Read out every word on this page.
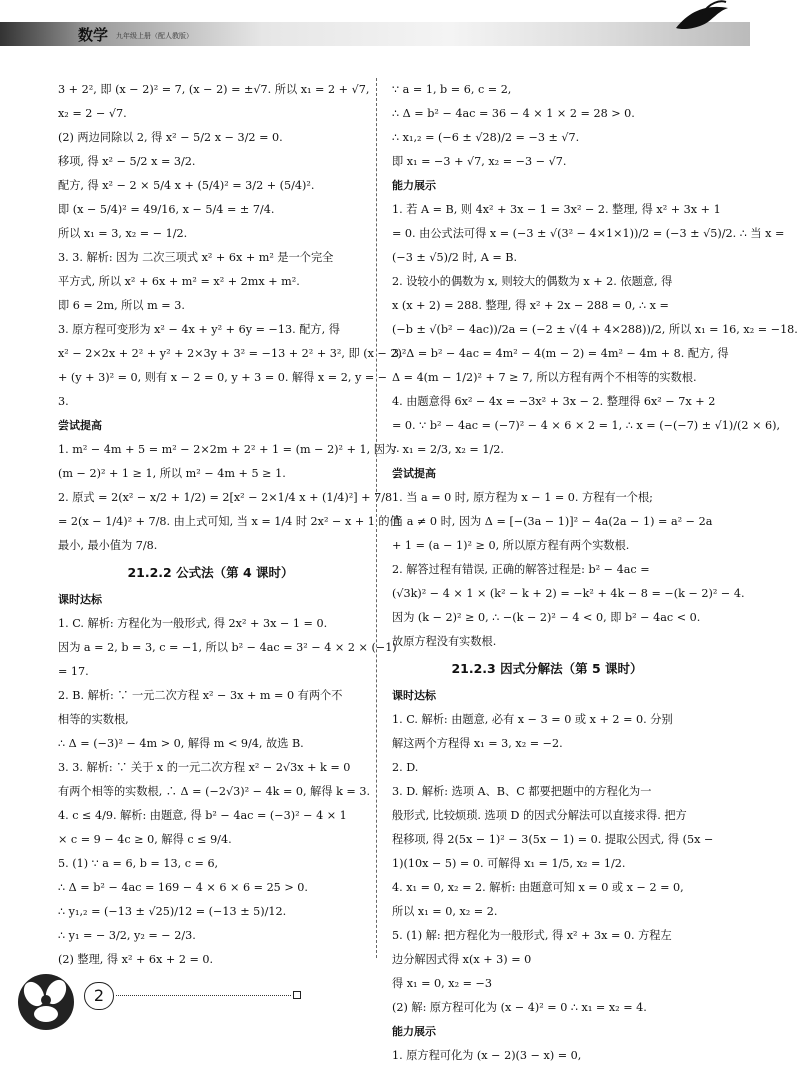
数学 九年级上册（配人教版）
3 + 2², 即 (x − 2)² = 7, (x − 2) = ±√7. 所以 x₁ = 2 + √7,
x₂ = 2 − √7.
(2) 两边同除以 2, 得 x² − 5/2 x − 3/2 = 0.
移项, 得 x² − 5/2 x = 3/2.
配方, 得 x² − 2 × 5/4 x + (5/4)² = 3/2 + (5/4)².
即 (x − 5/4)² = 49/16, x − 5/4 = ± 7/4.
所以 x₁ = 3, x₂ = − 1/2.
3. 3. 解析: 因为 二次三项式 x² + 6x + m² 是一个完全
平方式, 所以 x² + 6x + m² = x² + 2mx + m².
即 6 = 2m, 所以 m = 3.
3. 原方程可变形为 x² − 4x + y² + 6y = −13. 配方, 得
x² − 2×2x + 2² + y² + 2×3y + 3² = −13 + 2² + 3², 即 (x − 2)²
+ (y + 3)² = 0, 则有 x − 2 = 0, y + 3 = 0. 解得 x = 2, y = −
3.
尝试提高
1. m² − 4m + 5 = m² − 2×2m + 2² + 1 = (m − 2)² + 1, 因为
(m − 2)² + 1 ≥ 1, 所以 m² − 4m + 5 ≥ 1.
2. 原式 = 2(x² − x/2 + 1/2) = 2[x² − 2×1/4 x + (1/4)²] + 7/8
= 2(x − 1/4)² + 7/8. 由上式可知, 当 x = 1/4 时 2x² − x + 1 的值
最小, 最小值为 7/8.
21.2.2 公式法（第 4 课时）
课时达标
1. C. 解析: 方程化为一般形式, 得 2x² + 3x − 1 = 0.
因为 a = 2, b = 3, c = −1, 所以 b² − 4ac = 3² − 4 × 2 × (−1)
= 17.
2. B. 解析: ∵ 一元二次方程 x² − 3x + m = 0 有两个不
相等的实数根,
∴ Δ = (−3)² − 4m > 0, 解得 m < 9/4, 故选 B.
3. 3. 解析: ∵ 关于 x 的一元二次方程 x² − 2√3x + k = 0
有两个相等的实数根, ∴ Δ = (−2√3)² − 4k = 0, 解得 k = 3.
4. c ≤ 4/9. 解析: 由题意, 得 b² − 4ac = (−3)² − 4 × 1
× c = 9 − 4c ≥ 0, 解得 c ≤ 9/4.
5. (1) ∵ a = 6, b = 13, c = 6,
∴ Δ = b² − 4ac = 169 − 4 × 6 × 6 = 25 > 0.
∴ y₁,₂ = (−13 ± √25)/12 = (−13 ± 5)/12.
∴ y₁ = − 3/2, y₂ = − 2/3.
(2) 整理, 得 x² + 6x + 2 = 0.
∵ a = 1, b = 6, c = 2,
∴ Δ = b² − 4ac = 36 − 4 × 1 × 2 = 28 > 0.
∴ x₁,₂ = (−6 ± √28)/2 = −3 ± √7.
即 x₁ = −3 + √7, x₂ = −3 − √7.
能力展示
1. 若 A = B, 则 4x² + 3x − 1 = 3x² − 2. 整理, 得 x² + 3x + 1
= 0. 由公式法可得 x = (−3 ± √(3² − 4×1×1))/2 = (−3 ± √5)/2. ∴ 当 x =
(−3 ± √5)/2 时, A = B.
2. 设较小的偶数为 x, 则较大的偶数为 x + 2. 依题意, 得
x (x + 2) = 288. 整理, 得 x² + 2x − 288 = 0, ∴ x =
(−b ± √(b² − 4ac))/2a = (−2 ± √(4 + 4×288))/2, 所以 x₁ = 16, x₂ = −18.
3. Δ = b² − 4ac = 4m² − 4(m − 2) = 4m² − 4m + 8. 配方, 得
Δ = 4(m − 1/2)² + 7 ≥ 7, 所以方程有两个不相等的实数根.
4. 由题意得 6x² − 4x = −3x² + 3x − 2. 整理得 6x² − 7x + 2
= 0. ∵ b² − 4ac = (−7)² − 4 × 6 × 2 = 1, ∴ x = (−(−7) ± √1)/(2 × 6),
∴ x₁ = 2/3, x₂ = 1/2.
尝试提高
1. 当 a = 0 时, 原方程为 x − 1 = 0. 方程有一个根;
当 a ≠ 0 时, 因为 Δ = [−(3a − 1)]² − 4a(2a − 1) = a² − 2a
+ 1 = (a − 1)² ≥ 0, 所以原方程有两个实数根.
2. 解答过程有错误, 正确的解答过程是: b² − 4ac =
(√3k)² − 4 × 1 × (k² − k + 2) = −k² + 4k − 8 = −(k − 2)² − 4.
因为 (k − 2)² ≥ 0, ∴ −(k − 2)² − 4 < 0, 即 b² − 4ac < 0.
故原方程没有实数根.
21.2.3 因式分解法（第 5 课时）
课时达标
1. C. 解析: 由题意, 必有 x − 3 = 0 或 x + 2 = 0. 分别
解这两个方程得 x₁ = 3, x₂ = −2.
2. D.
3. D. 解析: 选项 A、B、C 都要把题中的方程化为一
般形式, 比较烦琐. 选项 D 的因式分解法可以直接求得. 把方
程移项, 得 2(5x − 1)² − 3(5x − 1) = 0. 提取公因式, 得 (5x −
1)(10x − 5) = 0. 可解得 x₁ = 1/5, x₂ = 1/2.
4. x₁ = 0, x₂ = 2. 解析: 由题意可知 x = 0 或 x − 2 = 0,
所以 x₁ = 0, x₂ = 2.
5. (1) 解: 把方程化为一般形式, 得 x² + 3x = 0. 方程左
边分解因式得 x(x + 3) = 0
得 x₁ = 0, x₂ = −3
(2) 解: 原方程可化为 (x − 4)² = 0 ∴ x₁ = x₂ = 4.
能力展示
1. 原方程可化为 (x − 2)(3 − x) = 0,
2
